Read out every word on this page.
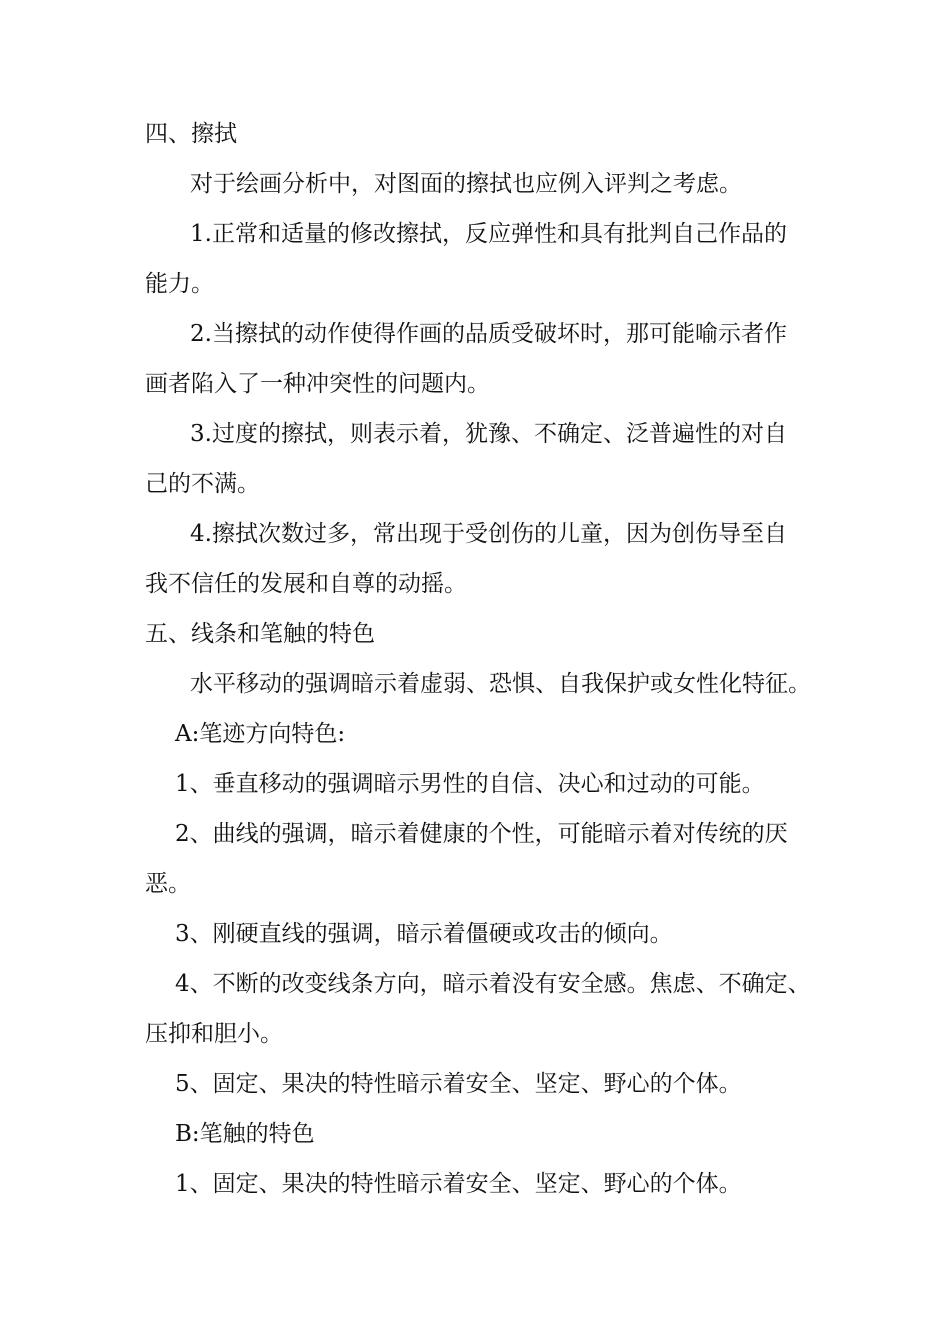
四、擦拭
对于绘画分析中，对图面的擦拭也应例入评判之考虑。
1.正常和适量的修改擦拭，反应弹性和具有批判自己作品的
能力。
2.当擦拭的动作使得作画的品质受破坏时，那可能喻示者作
画者陷入了一种冲突性的问题内。
3.过度的擦拭，则表示着，犹豫、不确定、泛普遍性的对自
己的不满。
4.擦拭次数过多，常出现于受创伤的儿童，因为创伤导至自
我不信任的发展和自尊的动摇。
五、线条和笔触的特色
水平移动的强调暗示着虚弱、恐惧、自我保护或女性化特征。
A:笔迹方向特色:
1、垂直移动的强调暗示男性的自信、决心和过动的可能。
2、曲线的强调，暗示着健康的个性，可能暗示着对传统的厌
恶。
3、刚硬直线的强调，暗示着僵硬或攻击的倾向。
4、不断的改变线条方向，暗示着没有安全感。焦虑、不确定、
压抑和胆小。
5、固定、果决的特性暗示着安全、坚定、野心的个体。
B:笔触的特色
1、固定、果决的特性暗示着安全、坚定、野心的个体。
